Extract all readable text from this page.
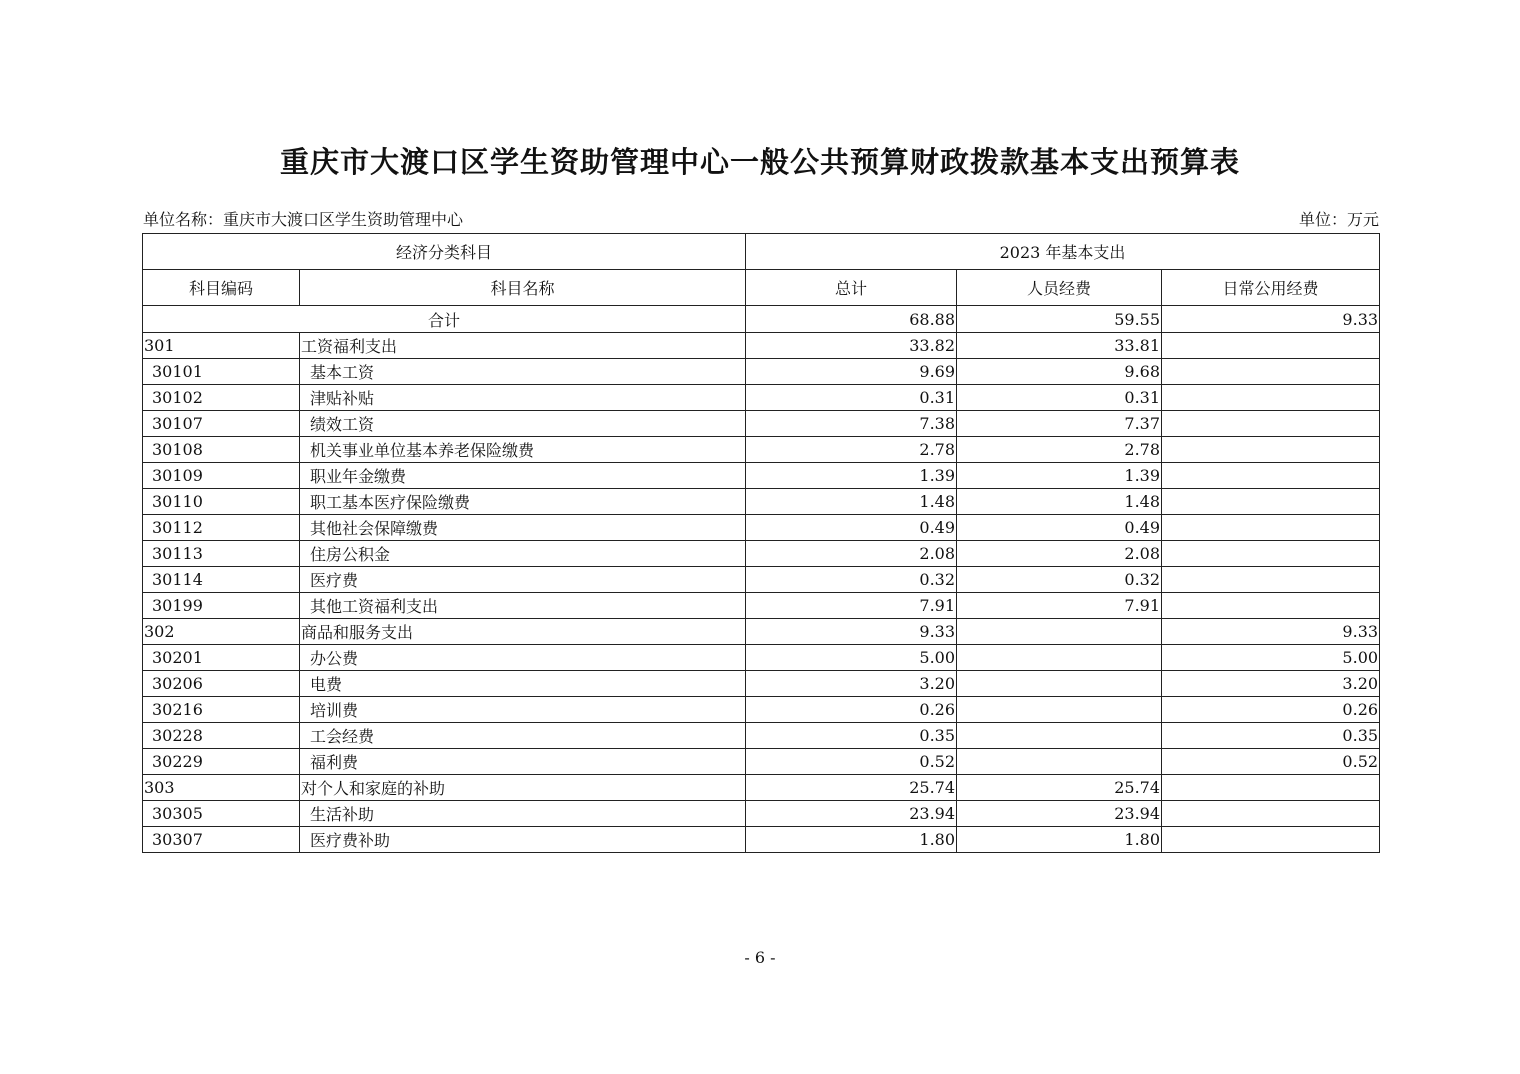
重庆市大渡口区学生资助管理中心一般公共预算财政拨款基本支出预算表
单位名称：重庆市大渡口区学生资助管理中心	单位：万元
经济分类科目		2023 年基本支出		
科目编码	科目名称	总计	人员经费	日常公用经费
合计		68.88	59.55	9.33
301	工资福利支出	33.82	33.81	
30101	基本工资	9.69	9.68	
30102	津贴补贴	0.31	0.31	
30107	绩效工资	7.38	7.37	
30108	机关事业单位基本养老保险缴费	2.78	2.78	
30109	职业年金缴费	1.39	1.39	
30110	职工基本医疗保险缴费	1.48	1.48	
30112	其他社会保障缴费	0.49	0.49	
30113	住房公积金	2.08	2.08	
30114	医疗费	0.32	0.32	
30199	其他工资福利支出	7.91	7.91	
302	商品和服务支出	9.33		9.33
30201	办公费	5.00		5.00
30206	电费	3.20		3.20
30216	培训费	0.26		0.26
30228	工会经费	0.35		0.35
30229	福利费	0.52		0.52
303	对个人和家庭的补助	25.74	25.74	
30305	生活补助	23.94	23.94	
30307	医疗费补助	1.80	1.80	
- 6 -
